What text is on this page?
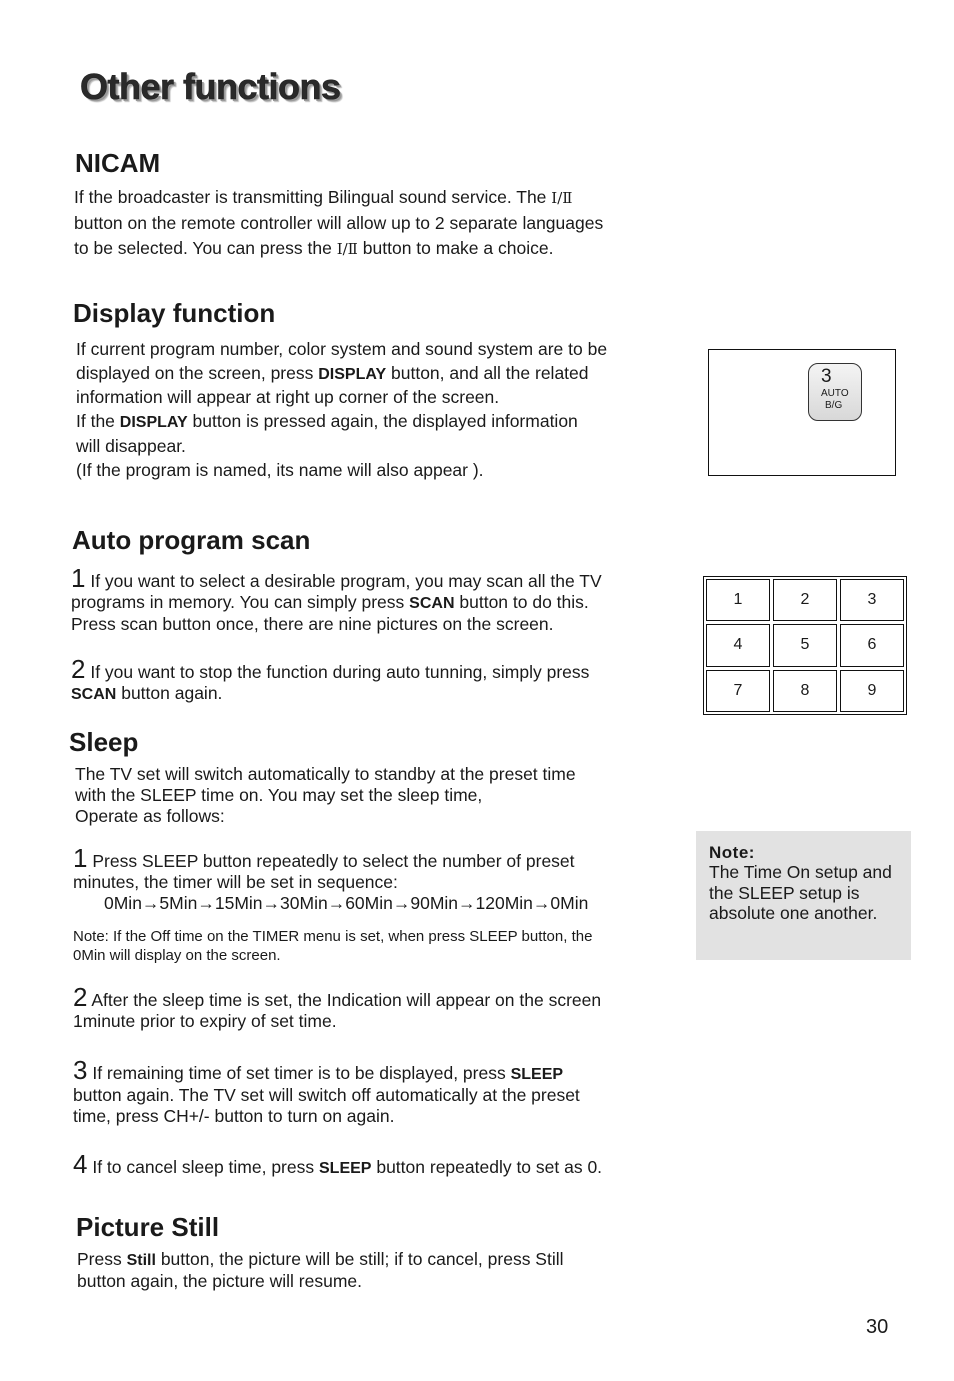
Other functions
NICAM
If the broadcaster is transmitting Bilingual sound service. The Ⅰ/Ⅱ
button on the remote controller will allow up to 2 separate languages
to be selected. You can press the Ⅰ/Ⅱ button to make a choice.
Display function
If current program number, color system and sound system are to be
displayed on the screen, press DISPLAY button, and all the related
information will appear at right up corner of the screen.
If the DISPLAY button is pressed again, the displayed information
will disappear.
(If the program is named, its name will also appear ).
3
AUTO
B/G
Auto program scan
1 If you want to select a desirable program, you may scan all the TV
programs in memory. You can simply press SCAN button to do this.
Press scan button once, there are nine pictures on the screen.
2 If you want to stop the function during auto tunning, simply press
SCAN button again.
1	2	3
4	5	6
7	8	9
Sleep
The TV set will switch automatically to standby at the preset time
with the SLEEP time on. You may set the sleep time,
Operate as follows:
1 Press SLEEP button repeatedly to select the number of preset
minutes, the timer will be set in sequence:
0Min→5Min→15Min→30Min→60Min→90Min→120Min→0Min
Note: If the Off time on the TIMER menu is set, when press SLEEP button, the
0Min will display on the screen.
2 After the sleep time is set, the Indication will appear on the screen
1minute prior to expiry of set time.
3 If remaining time of set timer is to be displayed, press SLEEP
button again. The TV set will switch off automatically at the preset
time, press CH+/- button to turn on again.
4 If to cancel sleep time, press SLEEP button repeatedly to set as 0.
Note:
The Time On setup and the SLEEP setup is absolute one another.
Picture Still
Press Still button, the picture will be still; if to cancel, press Still
button again, the picture will resume.
30
